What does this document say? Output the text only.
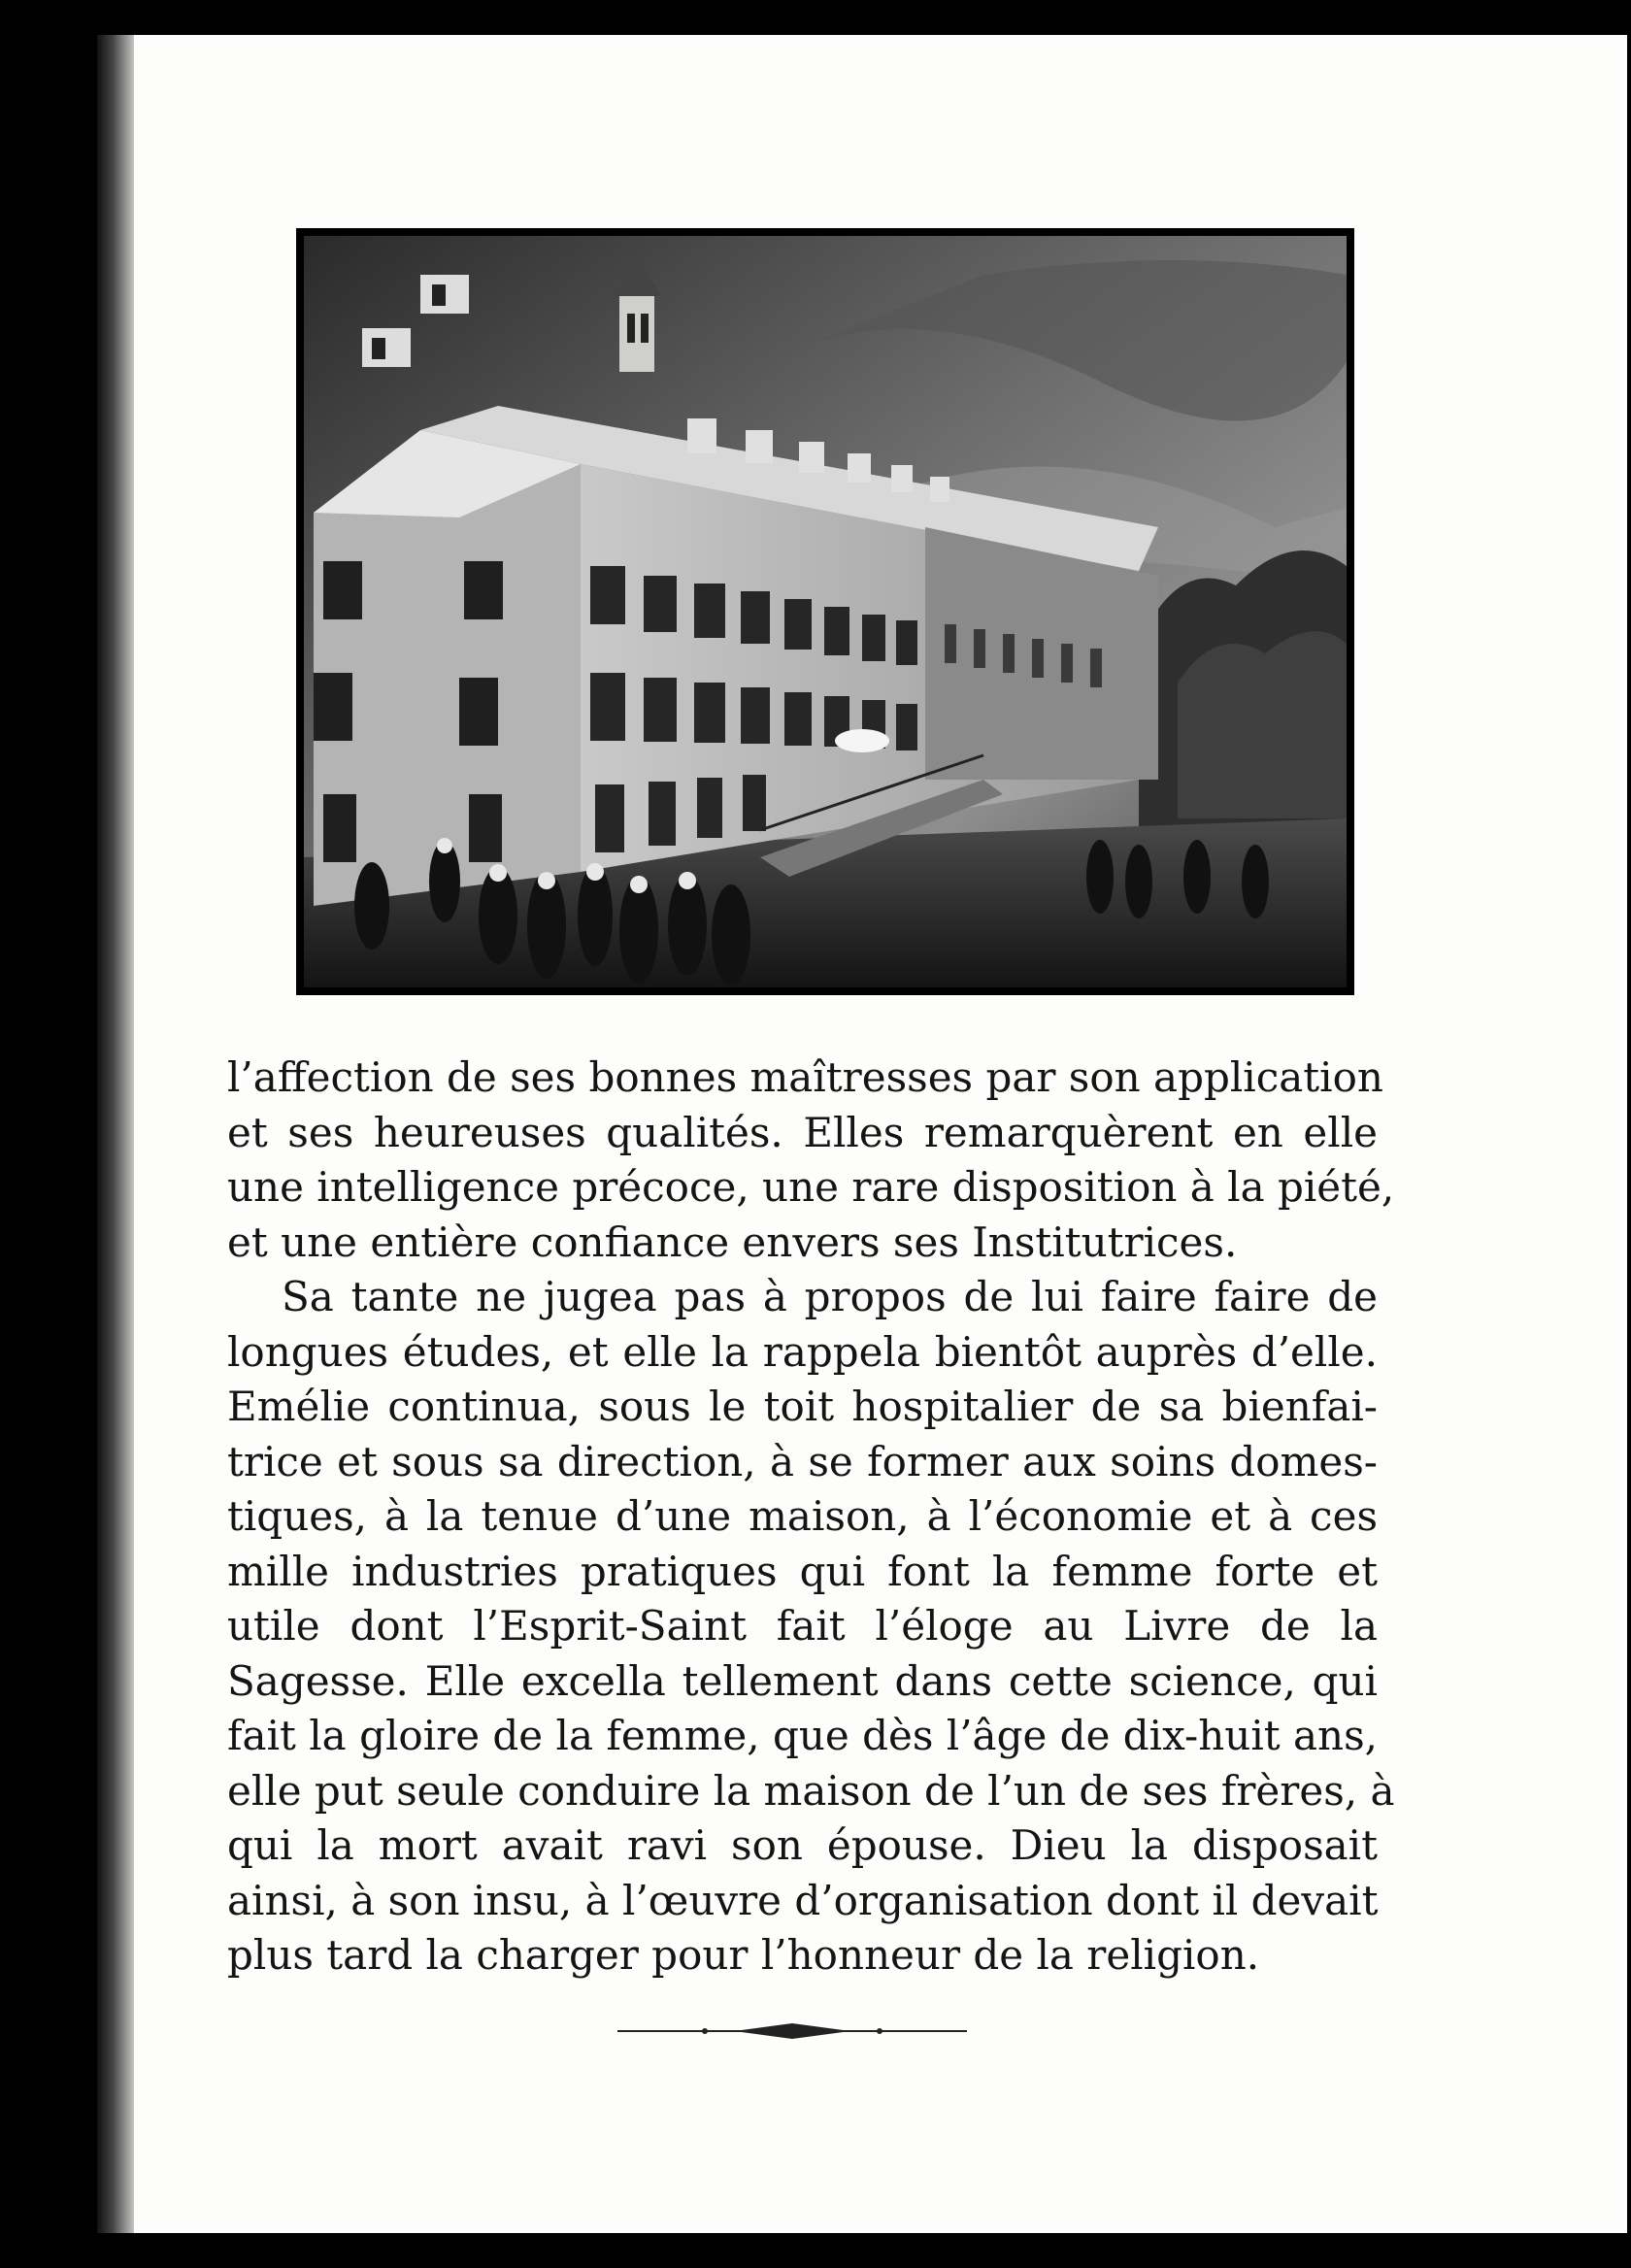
l’affection de ses bonnes maîtresses par son application
et ses heureuses qualités. Elles remarquèrent en elle
une intelligence précoce, une rare disposition à la piété,
et une entière confiance envers ses Institutrices.
Sa tante ne jugea pas à propos de lui faire faire de
longues études, et elle la rappela bientôt auprès d’elle.
Emélie continua, sous le toit hospitalier de sa bienfai-
trice et sous sa direction, à se former aux soins domes-
tiques, à la tenue d’une maison, à l’économie et à ces
mille industries pratiques qui font la femme forte et
utile dont l’Esprit-Saint fait l’éloge au Livre de la
Sagesse. Elle excella tellement dans cette science, qui
fait la gloire de la femme, que dès l’âge de dix-huit ans,
elle put seule conduire la maison de l’un de ses frères, à
qui la mort avait ravi son épouse. Dieu la disposait
ainsi, à son insu, à l’œuvre d’organisation dont il devait
plus tard la charger pour l’honneur de la religion.
